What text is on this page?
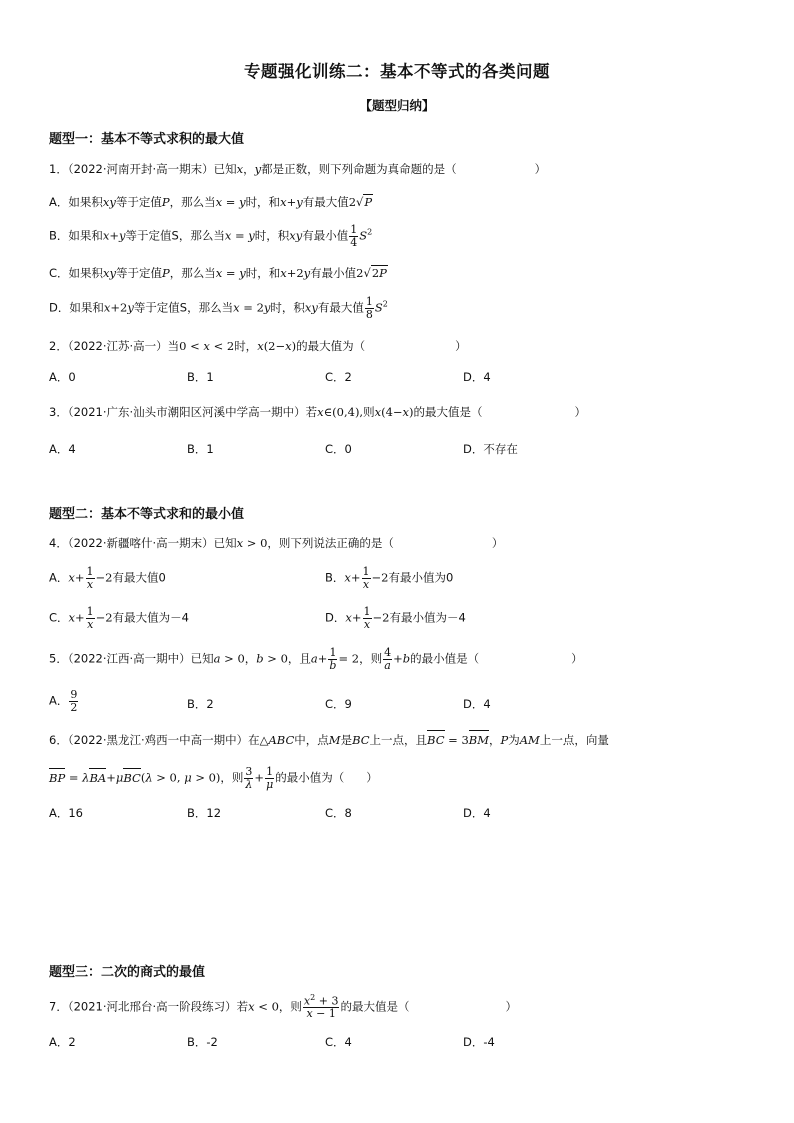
专题强化训练二：基本不等式的各类问题
【题型归纳】
题型一：基本不等式求积的最大值
1．（2022·河南开封·高一期末）已知x，y都是正数，则下列命题为真命题的是（	）
A．如果积xy等于定值P，那么当x = y时，和x+y有最大值2√P
B．如果和x+y等于定值S，那么当x = y时，积xy有最小值 $\frac{1}{4} S^2$
C．如果积xy等于定值P，那么当x = y时，和x+2y有最小值2√2P
D．如果和x+2y等于定值S，那么当x = 2y时，积xy有最大值 $\frac{1}{8} S^2$
2．（2022·江苏·高一）当0 < x < 2时，x(2−x)的最大值为（	）
A．0	B．1	C．2	D．4
3．（2021·广东·汕头市潮阳区河溪中学高一期中）若x∈(0,4),则x(4−x)的最大值是（	）
A．4	B．1	C．0	D．不存在
题型二：基本不等式求和的最小值
4．（2022·新疆喀什·高一期末）已知x > 0，则下列说法正确的是（	）
A．$x+ \frac{1}{x} -2$有最大值0	B．$x+ \frac{1}{x} -2$有最小值为0
C．$x+ \frac{1}{x} -2$有最大值为－4	D．$x+ \frac{1}{x} -2$有最小值为－4
5．（2022·江西·高一期中）已知a > 0，b > 0，且$a+ \frac{1}{b} = 2$，则 $\frac{4}{a} +b$的最小值是（	）
A． $\frac{9}{2}$	B．2	C．9	D．4
6．（2022·黑龙江·鸡西一中高一期中）在△ABC中，点M是BC上一点，且BC = 3BM，P为AM上一点，向量
BP = λBA+μBC(λ > 0, μ > 0)，则 $\frac{3}{\lambda} + \frac{1}{\mu}$ 的最小值为（ ）
A．16	B．12	C．8	D．4
题型三：二次的商式的最值
7．（2021·河北邢台·高一阶段练习）若x < 0，则 $\frac{x^2 + 3}{x - 1}$ 的最大值是（	）
A．2	B．-2	C．4	D．-4
